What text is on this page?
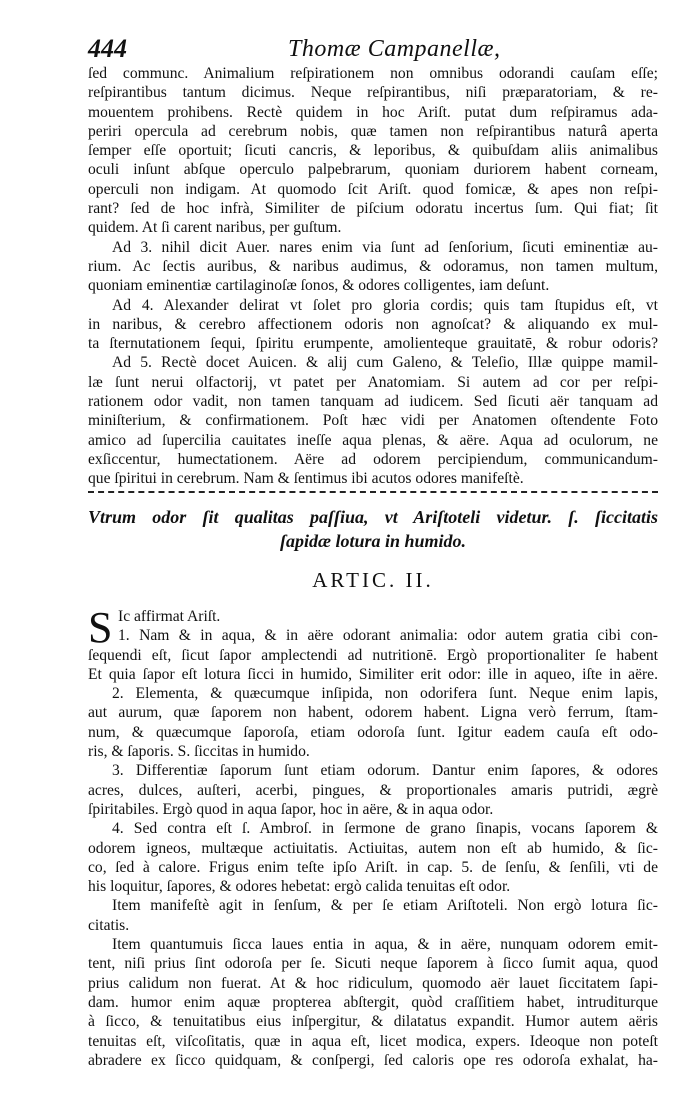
444	Thomæ Campanellæ,
ſed communc. Animalium reſpirationem non omnibus odorandi cauſam eſſe;
reſpirantibus tantum dicimus. Neque reſpirantibus, niſi præparatoriam, & re-
mouentem prohibens. Rectè quidem in hoc Ariſt. putat dum reſpiramus ada-
periri opercula ad cerebrum nobis, quæ tamen non reſpirantibus naturâ aperta
ſemper eſſe oportuit; ſicuti cancris, & leporibus, & quibuſdam aliis animalibus
oculi inſunt abſque operculo palpebrarum, quoniam duriorem habent corneam,
operculi non indigam. At quomodo ſcit Ariſt. quod fomicæ, & apes non reſpi-
rant? ſed de hoc infrà, Similiter de piſcium odoratu incertus ſum. Qui fiat; ſit
quidem. At ſi carent naribus, per guſtum.
Ad 3. nihil dicit Auer. nares enim via ſunt ad ſenſorium, ſicuti eminentiæ au-
rium. Ac ſectis auribus, & naribus audimus, & odoramus, non tamen multum,
quoniam eminentiæ cartilaginoſæ ſonos, & odores colligentes, iam deſunt.
Ad 4. Alexander delirat vt ſolet pro gloria cordis; quis tam ſtupidus eſt, vt
in naribus, & cerebro affectionem odoris non agnoſcat? & aliquando ex mul-
ta ſternutationem ſequi, ſpiritu erumpente, amolienteque grauitatē, & robur odoris?
Ad 5. Rectè docet Auicen. & alij cum Galeno, & Teleſio, Illæ quippe mamil-
læ ſunt nerui olfactorij, vt patet per Anatomiam. Si autem ad cor per reſpi-
rationem odor vadit, non tamen tanquam ad iudicem. Sed ſicuti aër tanquam ad
miniſterium, & confirmationem. Poſt hæc vidi per Anatomen oſtendente Foto
amico ad ſupercilia cauitates ineſſe aqua plenas, & aëre. Aqua ad oculorum, ne
exſiccentur, humectationem. Aëre ad odorem percipiendum, communicandum-
que ſpiritui in cerebrum. Nam & ſentimus ibi acutos odores manifeſtè.
Vtrum odor ſit qualitas paſſiua, vt Ariſtoteli videtur. ſ. ſiccitatis
ſapidæ lotura in humido.
ARTIC. II.
S Ic affirmat Ariſt.
1. Nam & in aqua, & in aëre odorant animalia: odor autem gratia cibi con-
ſequendi eſt, ſicut ſapor amplectendi ad nutritionē. Ergò proportionaliter ſe habent
Et quia ſapor eſt lotura ſicci in humido, Similiter erit odor: ille in aqueo, iſte in aëre.
2. Elementa, & quæcumque inſipida, non odorifera ſunt. Neque enim lapis,
aut aurum, quæ ſaporem non habent, odorem habent. Ligna verò ferrum, ſtam-
num, & quæcumque ſaporoſa, etiam odoroſa ſunt. Igitur eadem cauſa eſt odo-
ris, & ſaporis. S. ſiccitas in humido.
3. Differentiæ ſaporum ſunt etiam odorum. Dantur enim ſapores, & odores
acres, dulces, auſteri, acerbi, pingues, & proportionales amaris putridi, ægrè
ſpiritabiles. Ergò quod in aqua ſapor, hoc in aëre, & in aqua odor.
4. Sed contra eſt ſ. Ambroſ. in ſermone de grano ſinapis, vocans ſaporem &
odorem igneos, multæque actiuitatis. Actiuitas, autem non eſt ab humido, & ſic-
co, ſed à calore. Frigus enim teſte ipſo Ariſt. in cap. 5. de ſenſu, & ſenſili, vti de
his loquitur, ſapores, & odores hebetat: ergò calida tenuitas eſt odor.
Item manifeſtè agit in ſenſum, & per ſe etiam Ariſtoteli. Non ergò lotura ſic-
citatis.
Item quantumuis ſicca laues entia in aqua, & in aëre, nunquam odorem emit-
tent, niſi prius ſint odoroſa per ſe. Sicuti neque ſaporem à ſicco ſumit aqua, quod
prius calidum non fuerat. At & hoc ridiculum, quomodo aër lauet ſiccitatem ſapi-
dam. humor enim aquæ propterea abſtergit, quòd craſſitiem habet, intruditurque
à ſicco, & tenuitatibus eius inſpergitur, & dilatatus expandit. Humor autem aëris
tenuitas eſt, viſcoſitatis, quæ in aqua eſt, licet modica, expers. Ideoque non poteſt
abradere ex ſicco quidquam, & conſpergi, ſed caloris ope res odoroſa exhalat, ha-
